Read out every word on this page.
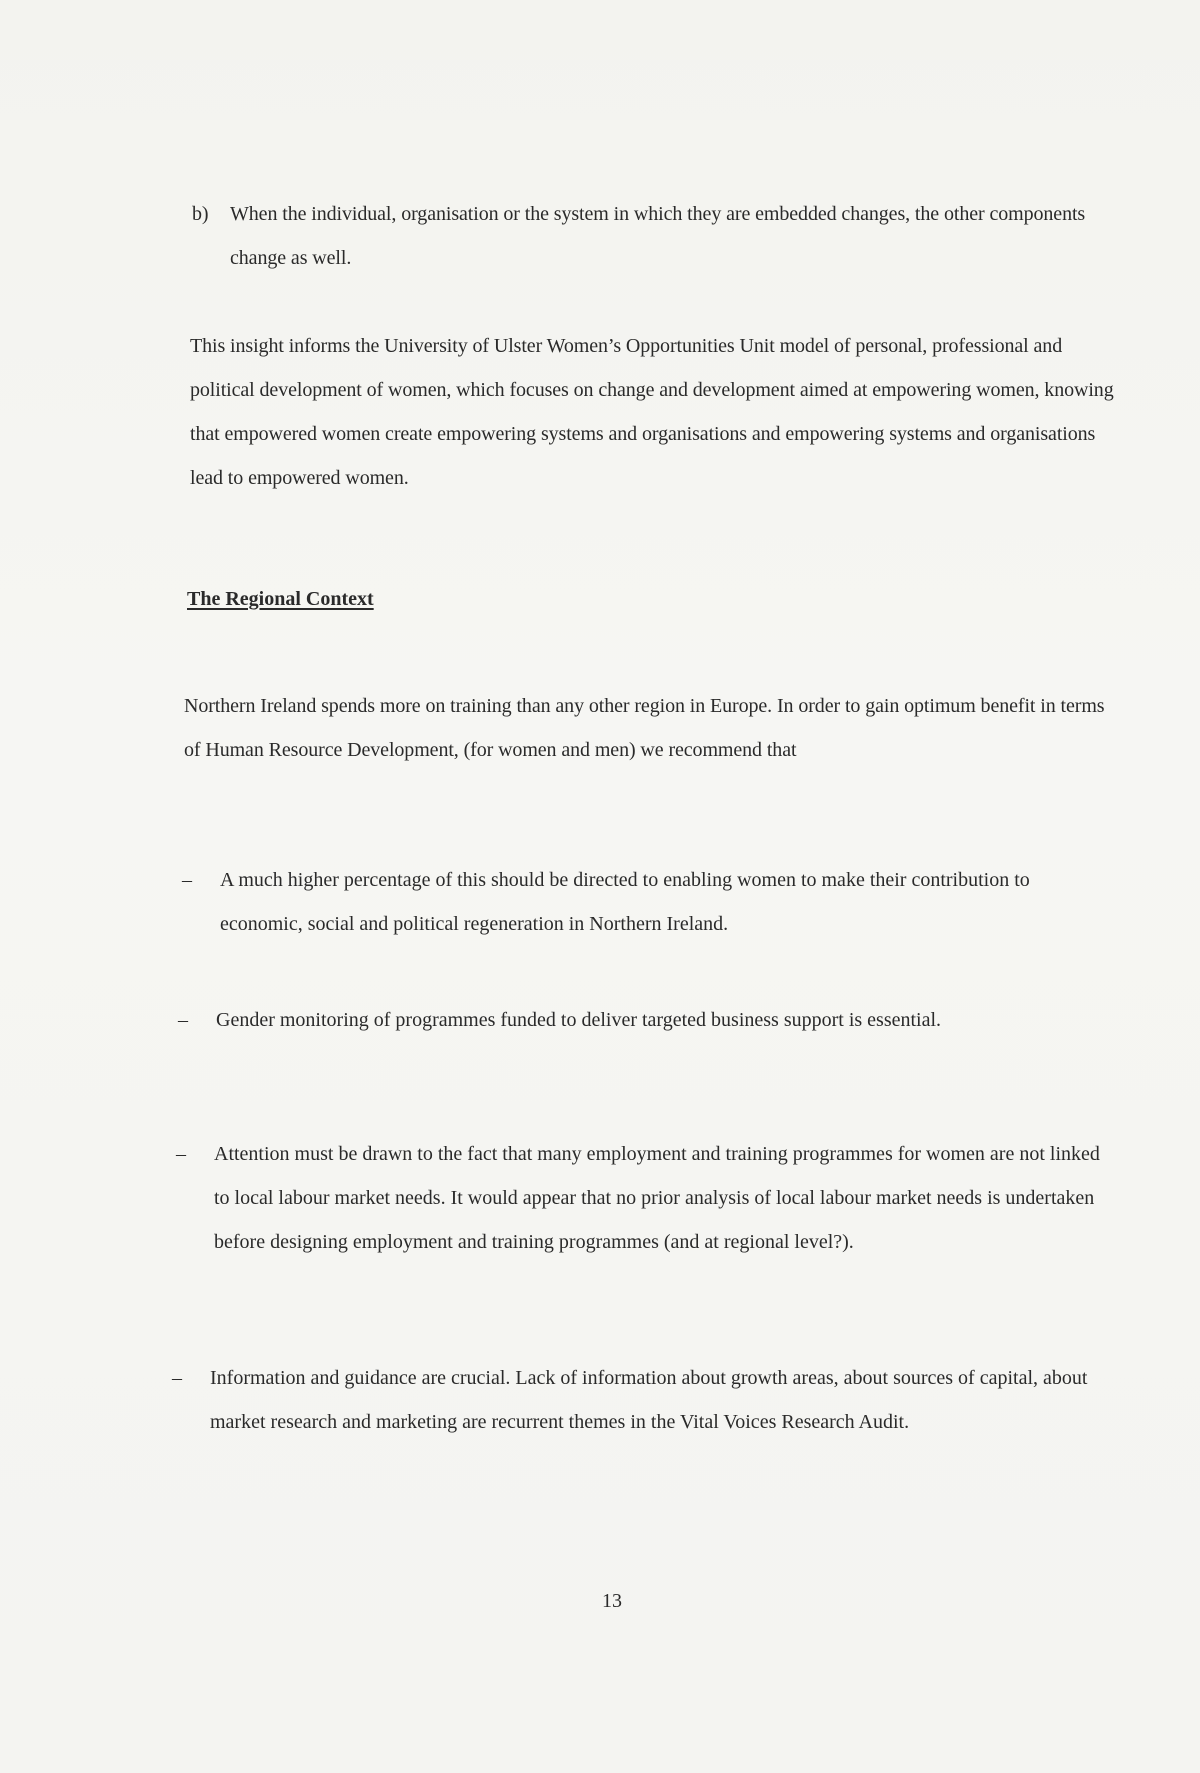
b)	When the individual, organisation or the system in which they are embedded changes, the other components change as well.
This insight informs the University of Ulster Women’s Opportunities Unit model of personal, professional and political development of women, which focuses on change and development aimed at empowering women, knowing that empowered women create empowering systems and organisations and empowering systems and organisations lead to empowered women.
The Regional Context
Northern Ireland spends more on training than any other region in Europe. In order to gain optimum benefit in terms of Human Resource Development, (for women and men) we recommend that
–	A much higher percentage of this should be directed to enabling women to make their contribution to economic, social and political regeneration in Northern Ireland.
–	Gender monitoring of programmes funded to deliver targeted business support is essential.
–	Attention must be drawn to the fact that many employment and training programmes for women are not linked to local labour market needs. It would appear that no prior analysis of local labour market needs is undertaken before designing employment and training programmes (and at regional level?).
–	Information and guidance are crucial. Lack of information about growth areas, about sources of capital, about market research and marketing are recurrent themes in the Vital Voices Research Audit.
13
